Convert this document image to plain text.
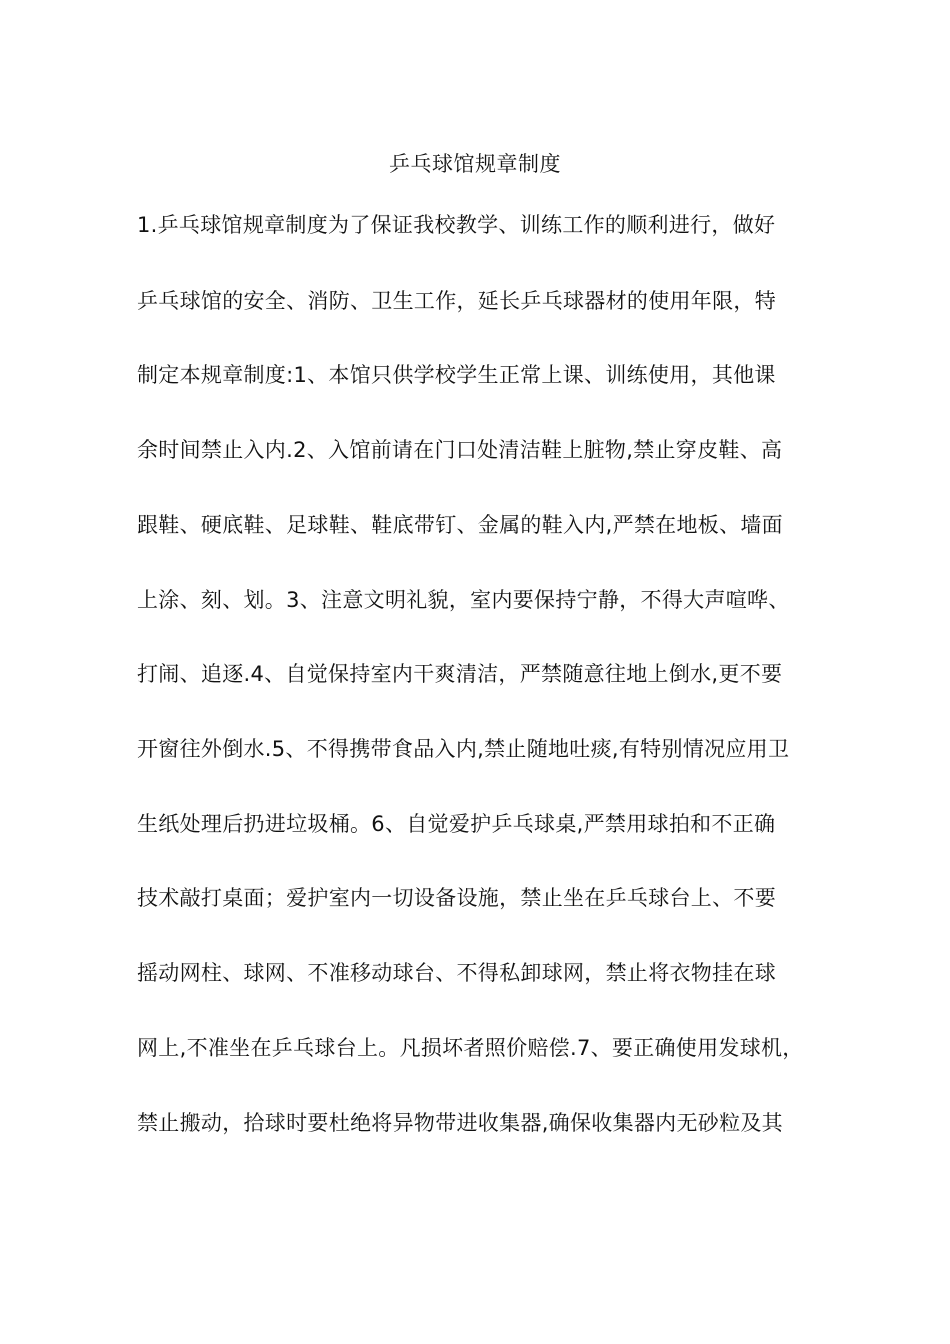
乒乓球馆规章制度
1.乒乓球馆规章制度为了保证我校教学、训练工作的顺利进行，做好
乒乓球馆的安全、消防、卫生工作，延长乒乓球器材的使用年限，特
制定本规章制度:1、本馆只供学校学生正常上课、训练使用，其他课
余时间禁止入内.2、入馆前请在门口处清洁鞋上脏物,禁止穿皮鞋、高
跟鞋、硬底鞋、足球鞋、鞋底带钉、金属的鞋入内,严禁在地板、墙面
上涂、刻、划。3、注意文明礼貌，室内要保持宁静，不得大声喧哗、
打闹、追逐.4、自觉保持室内干爽清洁，严禁随意往地上倒水,更不要
开窗往外倒水.5、不得携带食品入内,禁止随地吐痰,有特别情况应用卫
生纸处理后扔进垃圾桶。6、自觉爱护乒乓球桌,严禁用球拍和不正确
技术敲打桌面；爱护室内一切设备设施，禁止坐在乒乓球台上、不要
摇动网柱、球网、不准移动球台、不得私卸球网，禁止将衣物挂在球
网上,不准坐在乒乓球台上。凡损坏者照价赔偿.7、要正确使用发球机，
禁止搬动，拾球时要杜绝将异物带进收集器,确保收集器内无砂粒及其
